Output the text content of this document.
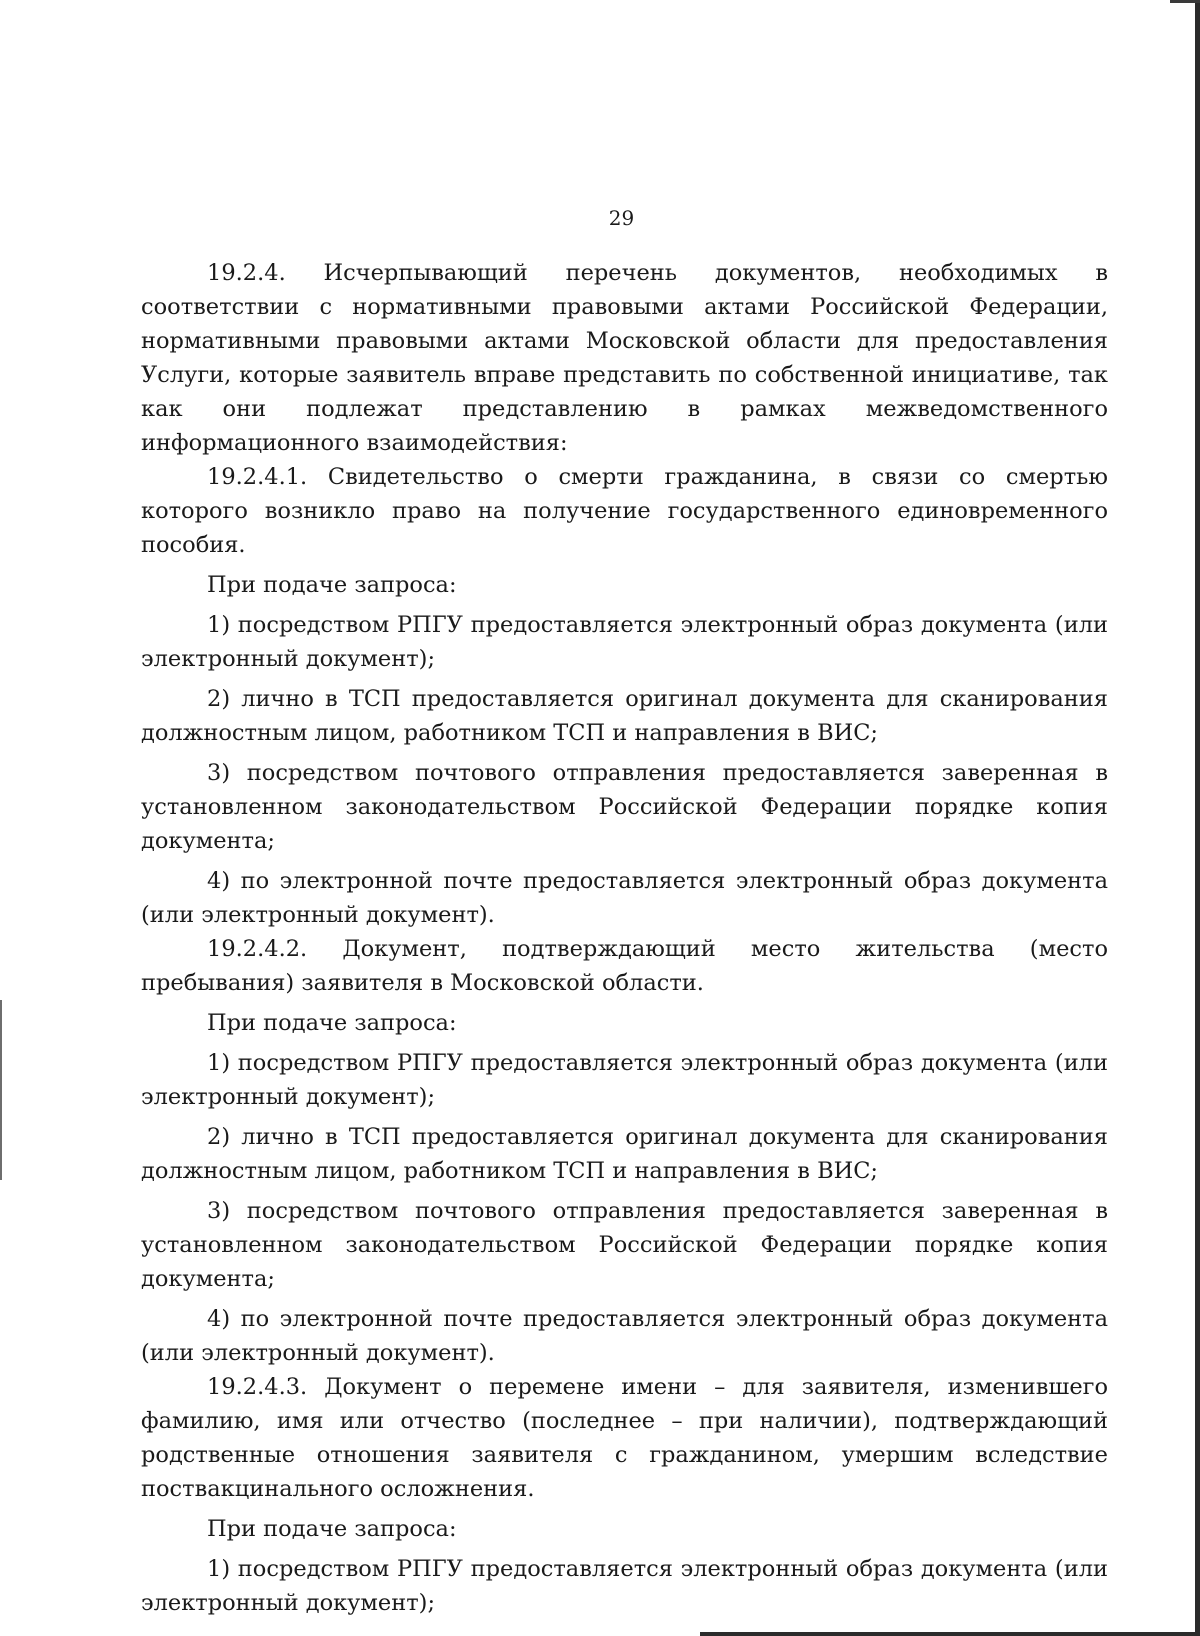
29

19.2.4. Исчерпывающий перечень документов, необходимых в соответствии с нормативными правовыми актами Российской Федерации, нормативными правовыми актами Московской области для предоставления Услуги, которые заявитель вправе представить по собственной инициативе, так как они подлежат представлению в рамках межведомственного информационного взаимодействия:

19.2.4.1. Свидетельство о смерти гражданина, в связи со смертью которого возникло право на получение государственного единовременного пособия.

При подаче запроса:

1) посредством РПГУ предоставляется электронный образ документа (или электронный документ);

2) лично в ТСП предоставляется оригинал документа для сканирования должностным лицом, работником ТСП и направления в ВИС;

3) посредством почтового отправления предоставляется заверенная в установленном законодательством Российской Федерации порядке копия документа;

4) по электронной почте предоставляется электронный образ документа (или электронный документ).

19.2.4.2. Документ, подтверждающий место жительства (место пребывания) заявителя в Московской области.

При подаче запроса:

1) посредством РПГУ предоставляется электронный образ документа (или электронный документ);

2) лично в ТСП предоставляется оригинал документа для сканирования должностным лицом, работником ТСП и направления в ВИС;

3) посредством почтового отправления предоставляется заверенная в установленном законодательством Российской Федерации порядке копия документа;

4) по электронной почте предоставляется электронный образ документа (или электронный документ).

19.2.4.3. Документ о перемене имени – для заявителя, изменившего фамилию, имя или отчество (последнее – при наличии), подтверждающий родственные отношения заявителя с гражданином, умершим вследствие поствакцинального осложнения.

При подаче запроса:

1) посредством РПГУ предоставляется электронный образ документа (или электронный документ);
